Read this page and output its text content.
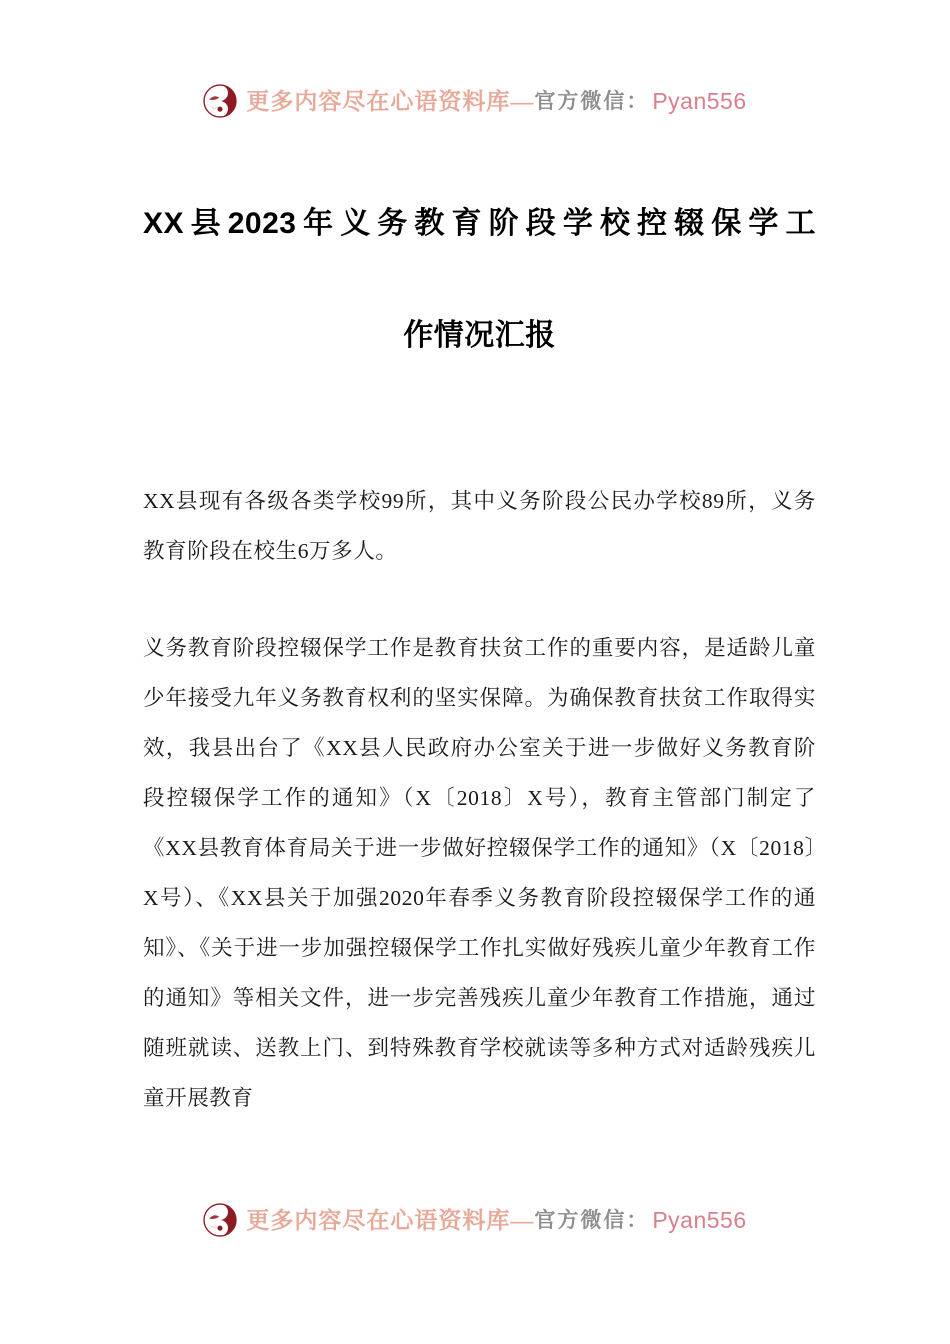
更多内容尽在心语资料库— 官方微信： Pyan556
XX县2023年义务教育阶段学校控辍保学工
作情况汇报

XX县现有各级各类学校99所，其中义务阶段公民办学校89所，义务教育阶段在校生6万多人。

义务教育阶段控辍保学工作是教育扶贫工作的重要内容，是适龄儿童少年接受九年义务教育权利的坚实保障。为确保教育扶贫工作取得实效，我县出台了《XX县人民政府办公室关于进一步做好义务教育阶段控辍保学工作的通知》（X〔2018〕X号），教育主管部门制定了《XX县教育体育局关于进一步做好控辍保学工作的通知》（X〔2018〕X号）、《XX县关于加强2020年春季义务教育阶段控辍保学工作的通知》、《关于进一步加强控辍保学工作扎实做好残疾儿童少年教育工作的通知》等相关文件，进一步完善残疾儿童少年教育工作措施，通过随班就读、送教上门、到特殊教育学校就读等多种方式对适龄残疾儿童开展教育

更多内容尽在心语资料库— 官方微信： Pyan556
